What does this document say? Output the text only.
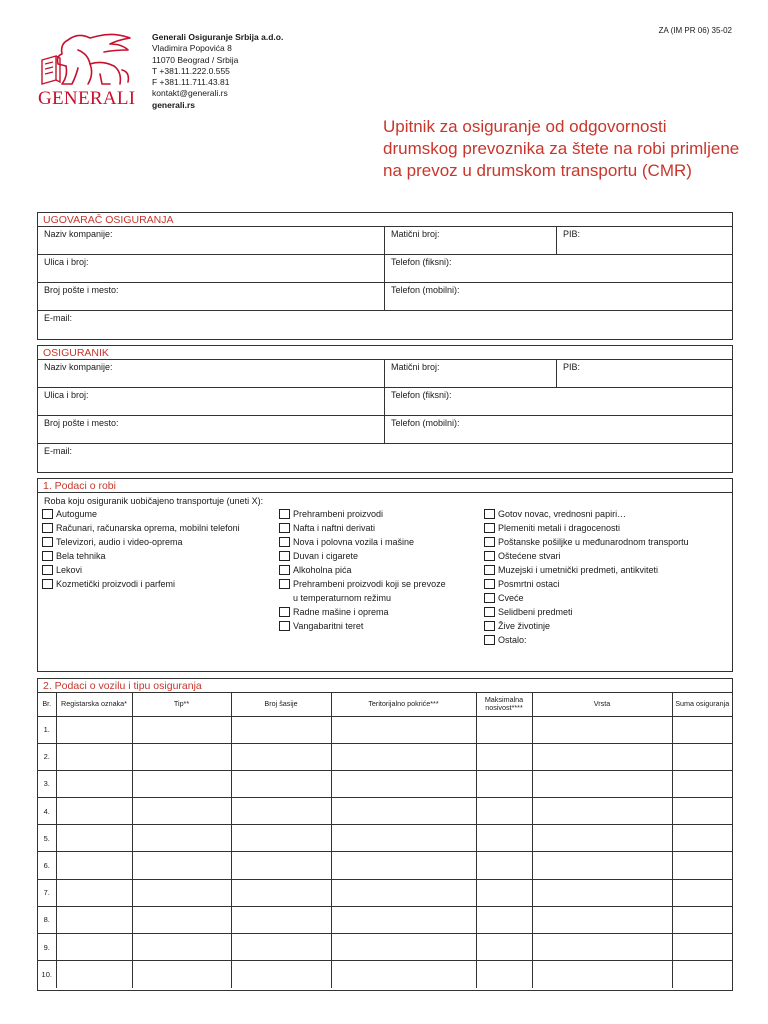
ZA (IM PR 06) 35-02
GENERALI
Generali Osiguranje Srbija a.d.o.
Vladimira Popovića 8
11070 Beograd / Srbija
T +381.11.222.0.555
F +381.11.711.43.81
kontakt@generali.rs
generali.rs
Upitnik za osiguranje od odgovornosti drumskog prevoznika za štete na robi primljene na prevoz u drumskom transportu (CMR)
UGOVARAČ OSIGURANJA
Naziv kompanije:	Matični broj:	PIB:
Ulica i broj:	Telefon (fiksni):
Broj pošte i mesto:	Telefon (mobilni):
E-mail:
OSIGURANIK
Naziv kompanije:	Matični broj:	PIB:
Ulica i broj:	Telefon (fiksni):
Broj pošte i mesto:	Telefon (mobilni):
E-mail:
1. Podaci o robi
Roba koju osiguranik uobičajeno transportuje (uneti X):
Autogume
Računari, računarska oprema, mobilni telefoni
Televizori, audio i video-oprema
Bela tehnika
Lekovi
Kozmetički proizvodi i parfemi
Prehrambeni proizvodi
Nafta i naftni derivati
Nova i polovna vozila i mašine
Duvan i cigarete
Alkoholna pića
Prehrambeni proizvodi koji se prevoze
u temperaturnom režimu
Radne mašine i oprema
Vangabaritni teret
Gotov novac, vrednosni papiri…
Plemeniti metali i dragocenosti
Poštanske pošiljke u međunarodnom transportu
Oštećene stvari
Muzejski i umetnički predmeti, antikviteti
Posmrtni ostaci
Cveće
Selidbeni predmeti
Žive životinje
Ostalo:
2. Podaci o vozilu i tipu osiguranja
Br.	Registarska oznaka*	Tip**	Broj šasije	Teritorijalno pokriće***	Maksimalna nosivost****	Vrsta	Suma osiguranja
1.							
2.							
3.							
4.							
5.							
6.							
7.							
8.							
9.							
10.							
